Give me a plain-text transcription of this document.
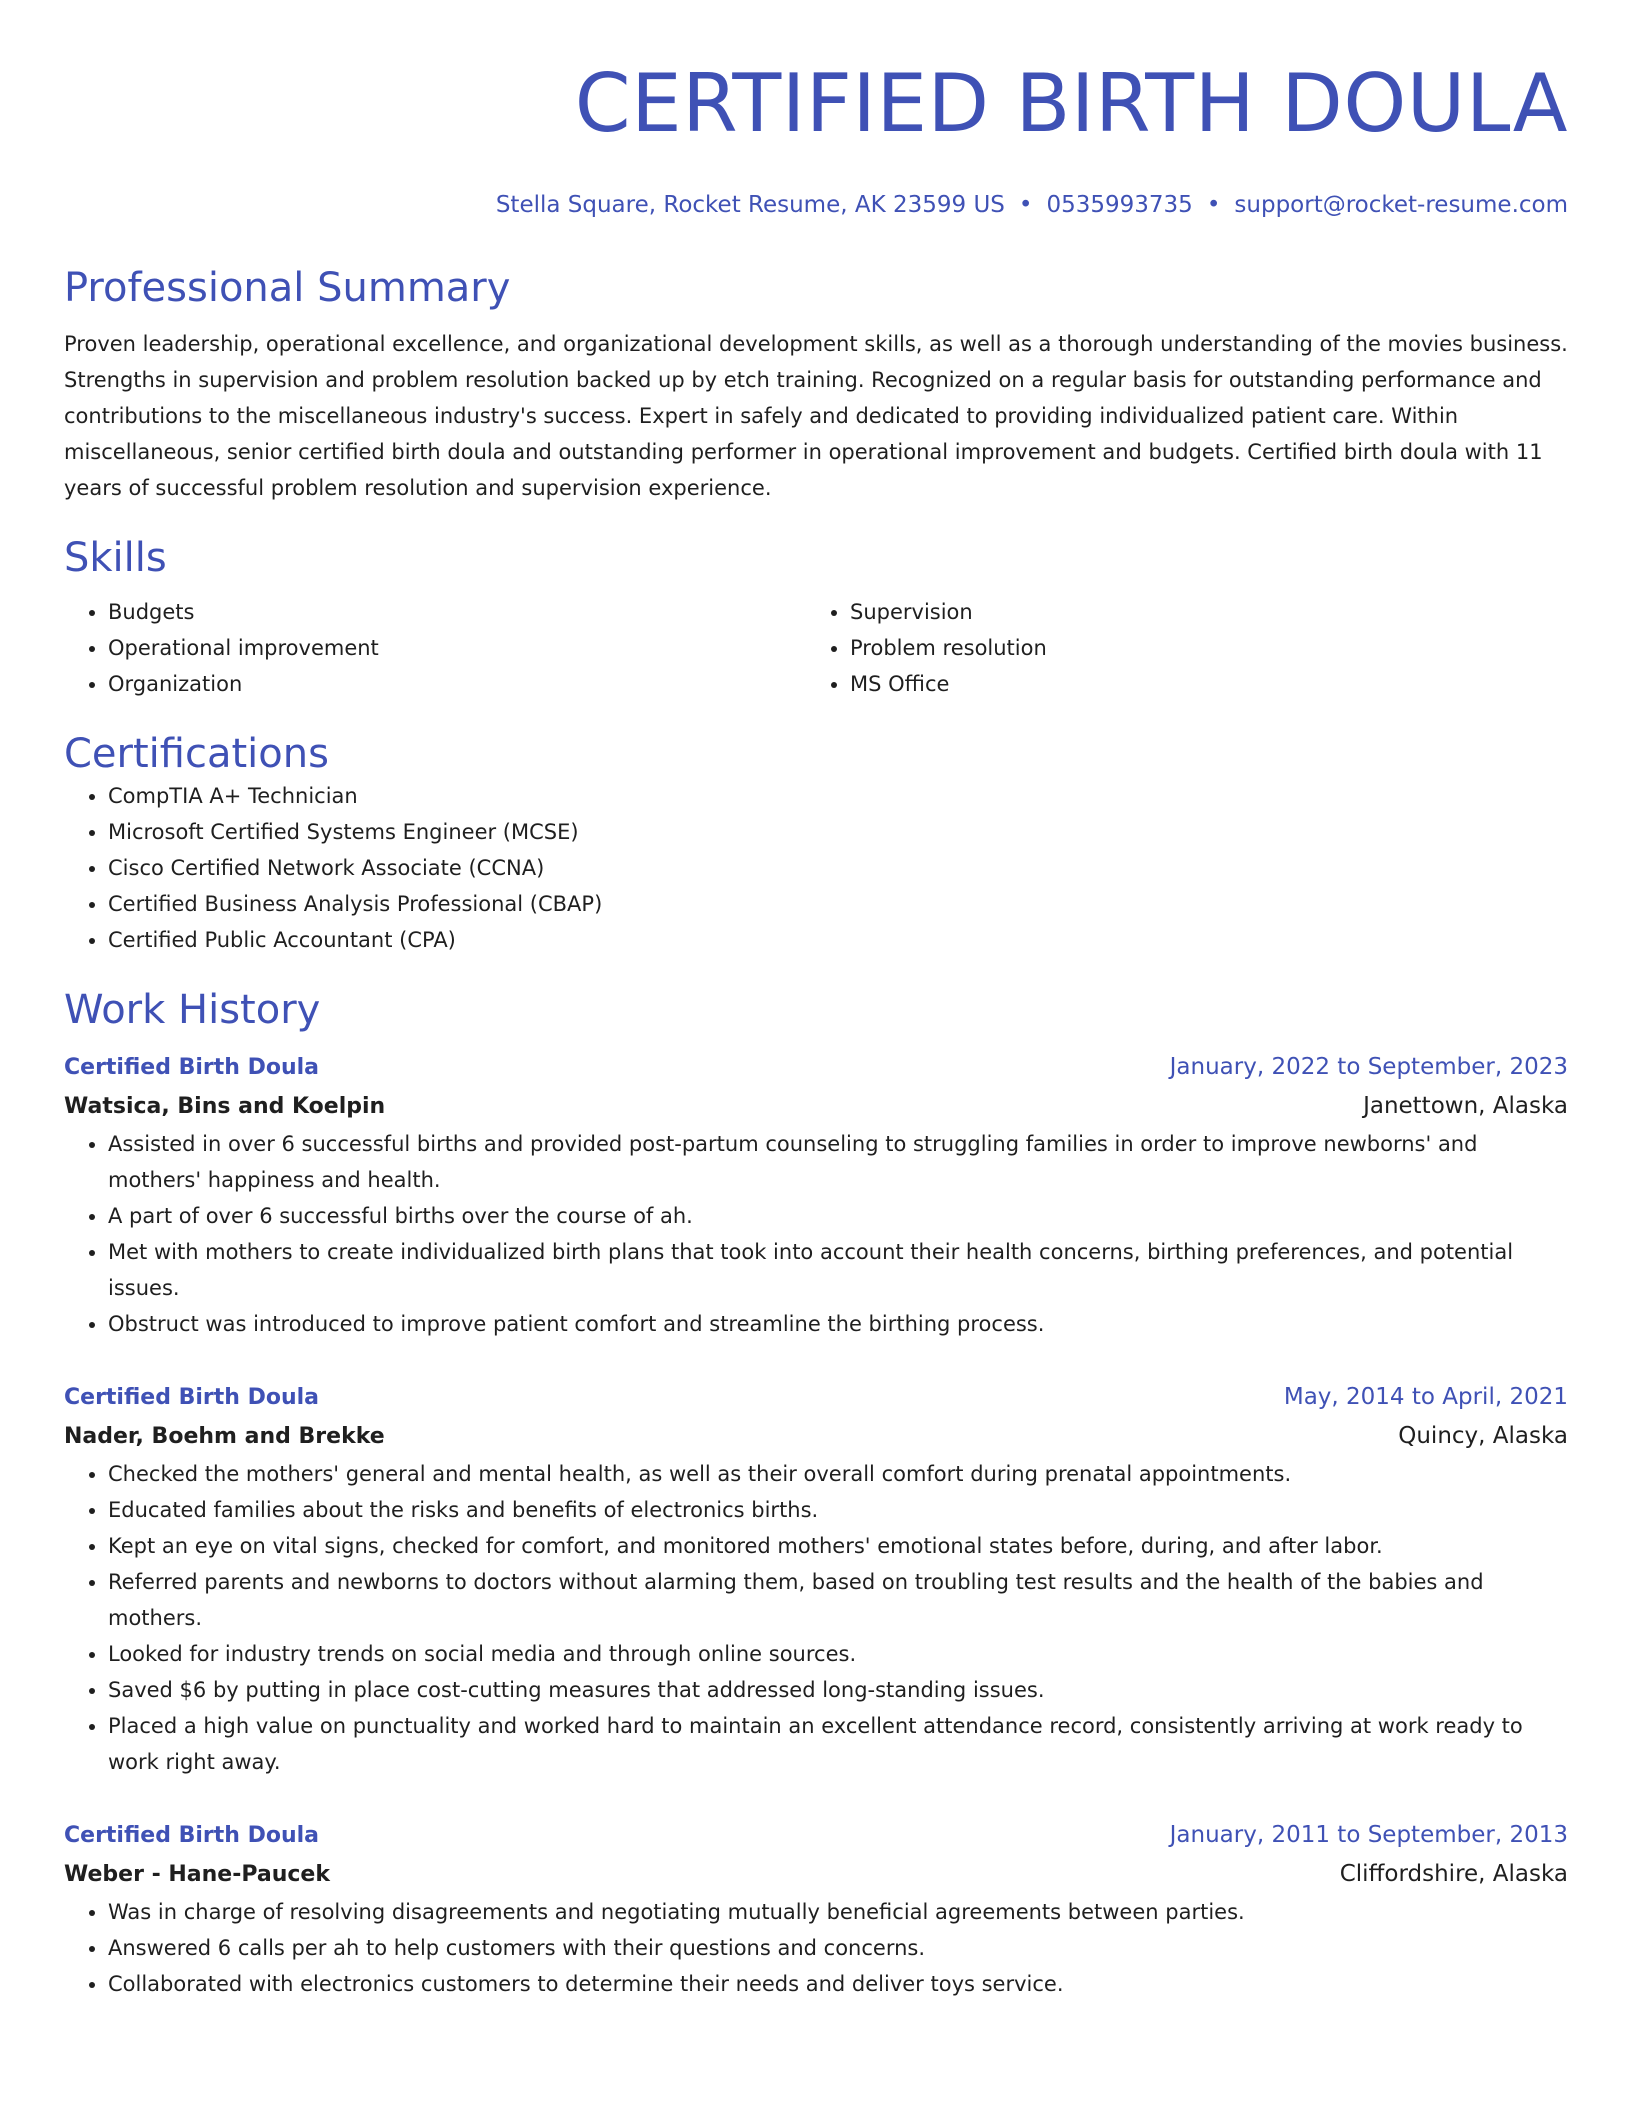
CERTIFIED BIRTH DOULA
Stella Square, Rocket Resume, AK 23599 US • 0535993735 • support@rocket-resume.com
Professional Summary

Proven leadership, operational excellence, and organizational development skills, as well as a thorough understanding of the movies business. Strengths in supervision and problem resolution backed up by etch training. Recognized on a regular basis for outstanding performance and contributions to the miscellaneous industry's success. Expert in safely and dedicated to providing individualized patient care. Within miscellaneous, senior certified birth doula and outstanding performer in operational improvement and budgets. Certified birth doula with 11 years of successful problem resolution and supervision experience.

Skills
• Budgets
• Operational improvement
• Organization
• Supervision
• Problem resolution
• MS Office
Certifications
• CompTIA A+ Technician
• Microsoft Certified Systems Engineer (MCSE)
• Cisco Certified Network Associate (CCNA)
• Certified Business Analysis Professional (CBAP)
• Certified Public Accountant (CPA)
Work History
Certified Birth Doula	January, 2022 to September, 2023
Watsica, Bins and Koelpin	Janettown, Alaska
• Assisted in over 6 successful births and provided post-partum counseling to struggling families in order to improve newborns' and mothers' happiness and health.
• A part of over 6 successful births over the course of ah.
• Met with mothers to create individualized birth plans that took into account their health concerns, birthing preferences, and potential issues.
• Obstruct was introduced to improve patient comfort and streamline the birthing process.
Certified Birth Doula	May, 2014 to April, 2021
Nader, Boehm and Brekke	Quincy, Alaska
• Checked the mothers' general and mental health, as well as their overall comfort during prenatal appointments.
• Educated families about the risks and benefits of electronics births.
• Kept an eye on vital signs, checked for comfort, and monitored mothers' emotional states before, during, and after labor.
• Referred parents and newborns to doctors without alarming them, based on troubling test results and the health of the babies and mothers.
• Looked for industry trends on social media and through online sources.
• Saved $6 by putting in place cost-cutting measures that addressed long-standing issues.
• Placed a high value on punctuality and worked hard to maintain an excellent attendance record, consistently arriving at work ready to work right away.
Certified Birth Doula	January, 2011 to September, 2013
Weber - Hane-Paucek	Cliffordshire, Alaska
• Was in charge of resolving disagreements and negotiating mutually beneficial agreements between parties.
• Answered 6 calls per ah to help customers with their questions and concerns.
• Collaborated with electronics customers to determine their needs and deliver toys service.
